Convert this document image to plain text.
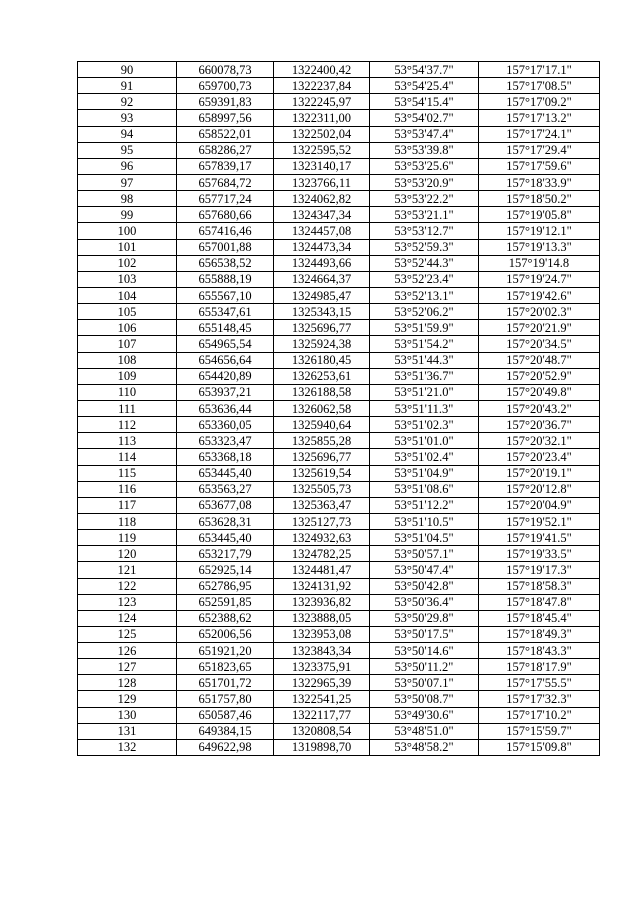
90	660078,73	1322400,42	53°54'37.7"	157°17'17.1"
91	659700,73	1322237,84	53°54'25.4"	157°17'08.5"
92	659391,83	1322245,97	53°54'15.4"	157°17'09.2"
93	658997,56	1322311,00	53°54'02.7"	157°17'13.2"
94	658522,01	1322502,04	53°53'47.4"	157°17'24.1"
95	658286,27	1322595,52	53°53'39.8"	157°17'29.4"
96	657839,17	1323140,17	53°53'25.6"	157°17'59.6"
97	657684,72	1323766,11	53°53'20.9"	157°18'33.9"
98	657717,24	1324062,82	53°53'22.2"	157°18'50.2"
99	657680,66	1324347,34	53°53'21.1"	157°19'05.8"
100	657416,46	1324457,08	53°53'12.7"	157°19'12.1"
101	657001,88	1324473,34	53°52'59.3"	157°19'13.3"
102	656538,52	1324493,66	53°52'44.3"	157°19'14.8
103	655888,19	1324664,37	53°52'23.4"	157°19'24.7"
104	655567,10	1324985,47	53°52'13.1"	157°19'42.6"
105	655347,61	1325343,15	53°52'06.2"	157°20'02.3"
106	655148,45	1325696,77	53°51'59.9"	157°20'21.9"
107	654965,54	1325924,38	53°51'54.2"	157°20'34.5"
108	654656,64	1326180,45	53°51'44.3"	157°20'48.7"
109	654420,89	1326253,61	53°51'36.7"	157°20'52.9"
110	653937,21	1326188,58	53°51'21.0"	157°20'49.8"
111	653636,44	1326062,58	53°51'11.3"	157°20'43.2"
112	653360,05	1325940,64	53°51'02.3"	157°20'36.7"
113	653323,47	1325855,28	53°51'01.0"	157°20'32.1"
114	653368,18	1325696,77	53°51'02.4"	157°20'23.4"
115	653445,40	1325619,54	53°51'04.9"	157°20'19.1"
116	653563,27	1325505,73	53°51'08.6"	157°20'12.8"
117	653677,08	1325363,47	53°51'12.2"	157°20'04.9"
118	653628,31	1325127,73	53°51'10.5"	157°19'52.1"
119	653445,40	1324932,63	53°51'04.5"	157°19'41.5"
120	653217,79	1324782,25	53°50'57.1"	157°19'33.5"
121	652925,14	1324481,47	53°50'47.4"	157°19'17.3"
122	652786,95	1324131,92	53°50'42.8"	157°18'58.3"
123	652591,85	1323936,82	53°50'36.4"	157°18'47.8"
124	652388,62	1323888,05	53°50'29.8"	157°18'45.4"
125	652006,56	1323953,08	53°50'17.5"	157°18'49.3"
126	651921,20	1323843,34	53°50'14.6"	157°18'43.3"
127	651823,65	1323375,91	53°50'11.2"	157°18'17.9"
128	651701,72	1322965,39	53°50'07.1"	157°17'55.5"
129	651757,80	1322541,25	53°50'08.7"	157°17'32.3"
130	650587,46	1322117,77	53°49'30.6"	157°17'10.2"
131	649384,15	1320808,54	53°48'51.0"	157°15'59.7"
132	649622,98	1319898,70	53°48'58.2"	157°15'09.8"
